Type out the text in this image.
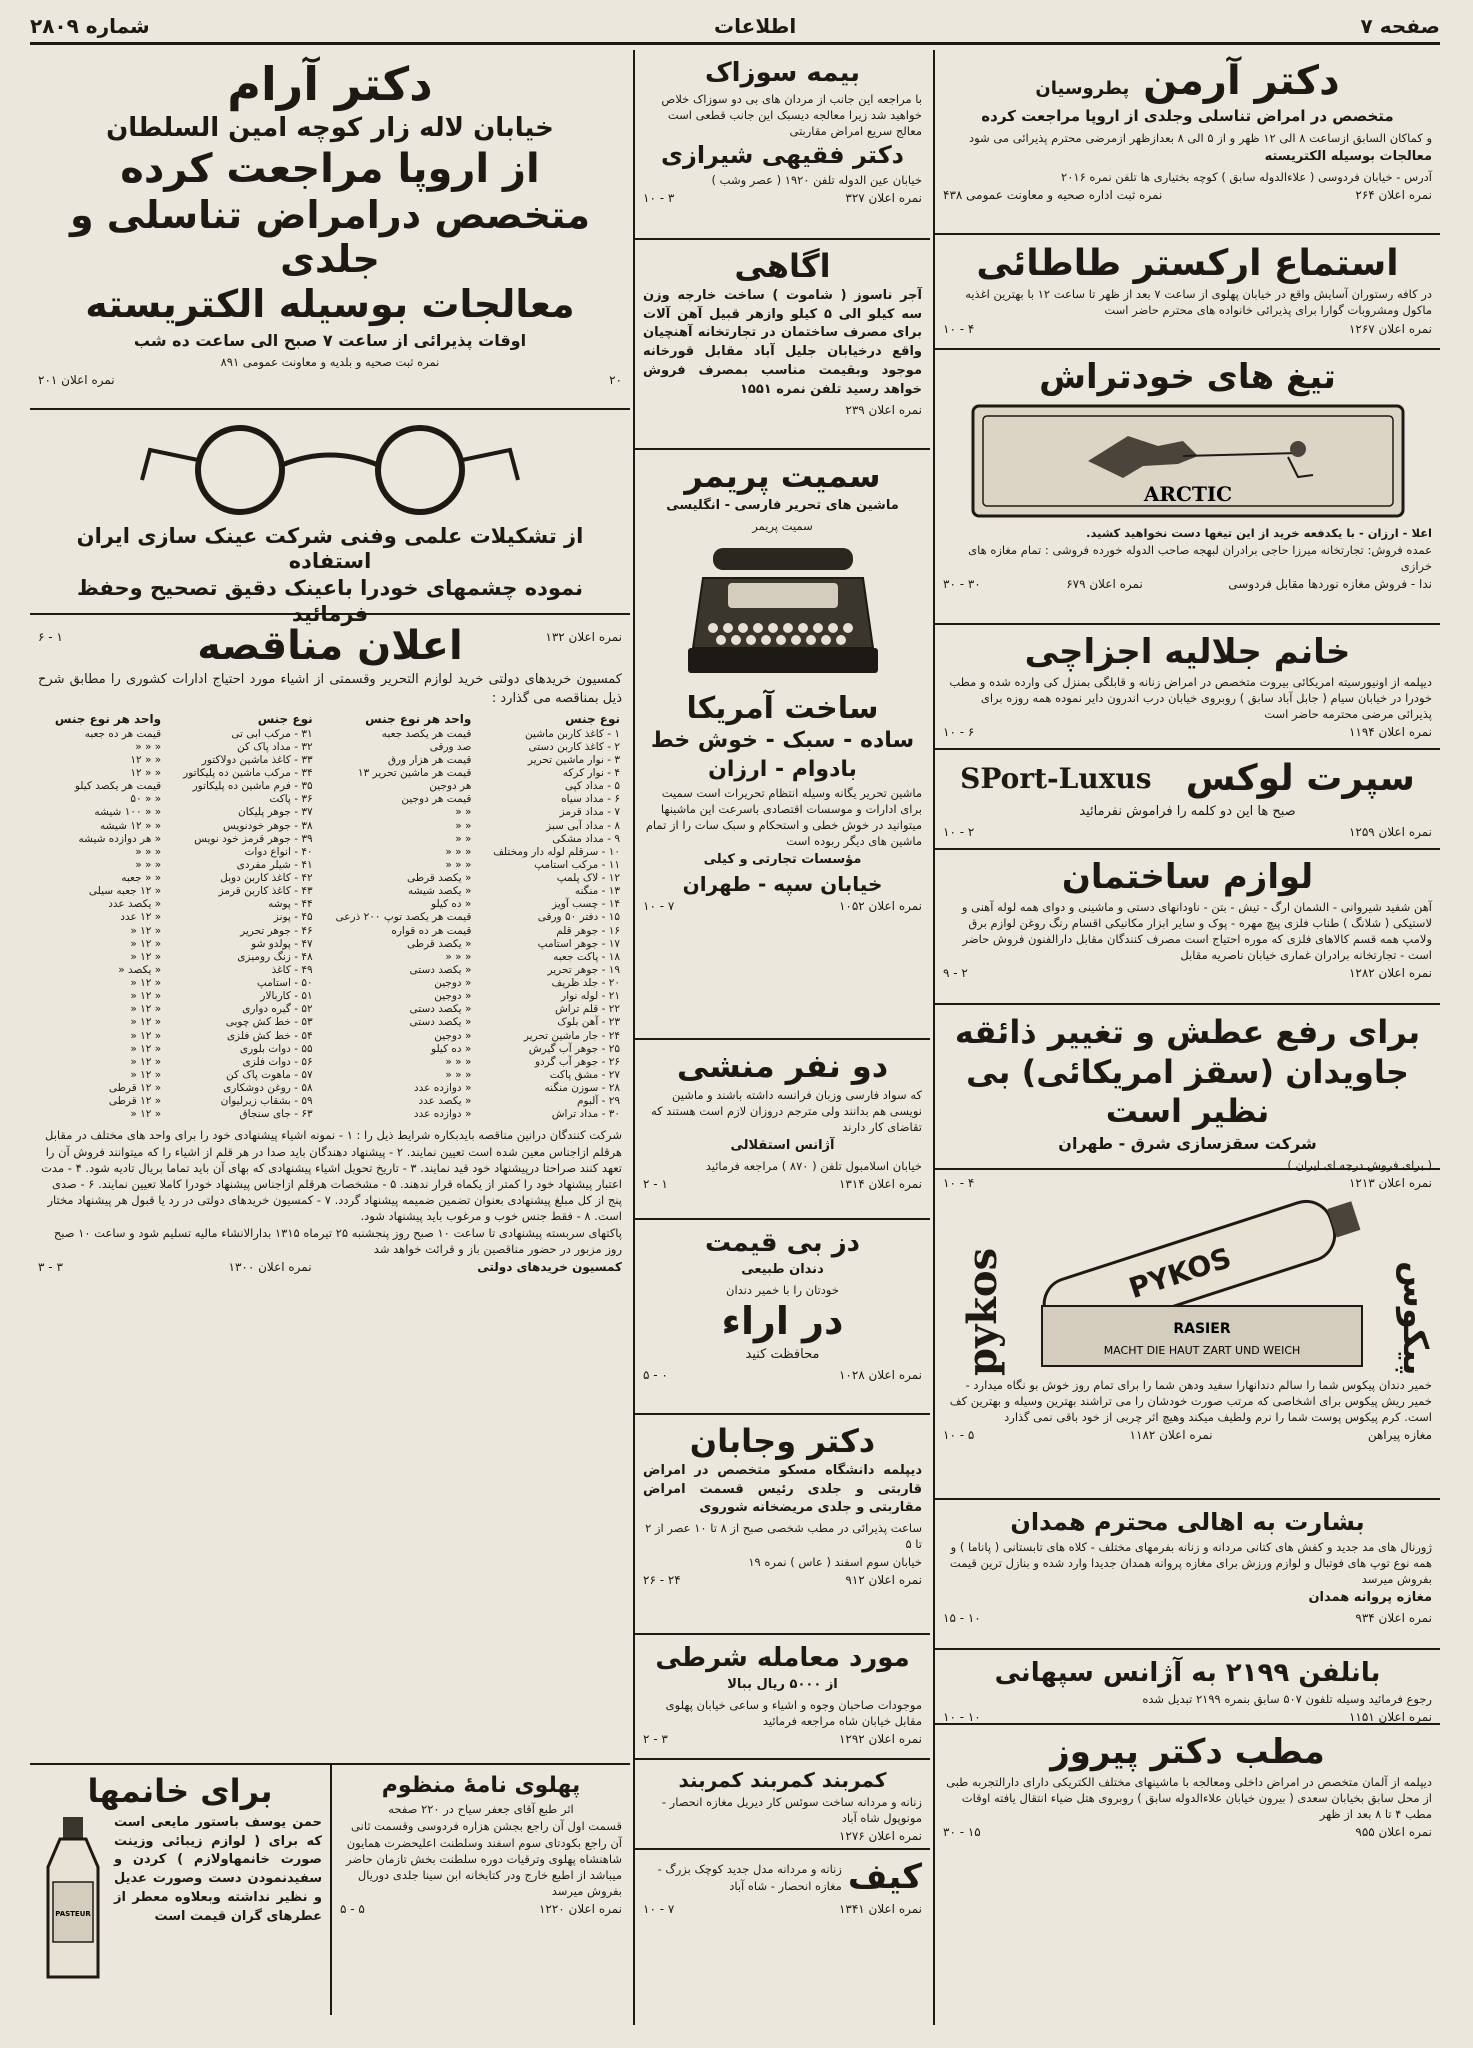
صفحه ۷
اطلاعات
شماره ۲۸۰۹
دکتر آرمن پطروسیان
متخصص در امراض تناسلی وجلدی از اروپا مراجعت کرده
و کماکان السابق ازساعت ۸ الی ۱۲ ظهر و از ۵ الی ۸ بعدازظهر ازمرضی محترم پذیرائی می شود
معالجات بوسیله الکتریسته
آدرس - خیابان فردوسی ( علاءالدوله سابق ) کوچه بختیاری ها تلفن نمره ۲۰۱۶
نمره اعلان ۲۶۴
نمره ثبت اداره صحیه و معاونت عمومی ۴۳۸
استماع ارکستر طاطائی
در کافه رستوران آسایش واقع در خیابان پهلوی از ساعت ۷ بعد از ظهر تا ساعت ۱۲ با بهترین اغذیه ماکول ومشروبات گوارا برای پذیرائی خانواده های محترم حاضر است
نمره اعلان ۱۲۶۷
۴ - ۱۰
تیغ های خودتراش
ARCTIC
اعلا - ارزان - با یکدفعه خرید از این تیغها دست نخواهید کشید.
عمده فروش: تجارتخانه میرزا حاجی برادران لبهجه صاحب الدوله خورده فروشی : تمام مغازه های خرازی
ندا - فروش مغازه نوردها مقابل فردوسی
نمره اعلان ۶۷۹
۳۰ - ۳۰
خانم جلالیه اجزاچی
دیپلمه از اونیورسیته امریکائی بیروت متخصص در امراض زنانه و قابلگی بمنزل کی وارده شده و مطب خودرا در خیابان سیام ( جابل آباد سابق ) روبروی خیابان درب اندرون دایر نموده همه روزه برای پذیرائی مرضی محترمه حاضر است
نمره اعلان ۱۱۹۴
۶ - ۱۰
سپرت لوکس
SPort-Luxus
صبح ها این دو کلمه را فراموش نفرمائید
نمره اعلان ۱۲۵۹
۲ - ۱۰
لوازم ساختمان
آهن شفید شیروانی - الشمان ارگ - تیش - بتن - ناودانهای دستی و ماشینی و دوای همه لوله آهنی و لاستیکی ( شلانگ ) طناب فلزی پیچ مهره - پوک و سایر ابزار مکانیکی اقسام رنگ روغن لوازم برق ولامپ همه قسم کالاهای فلزی که موره احتیاج است مصرف کنندگان مقابل دارالفنون فروش حاضر است - تجارتخانه برادران غماری خیابان ناصریه مقابل
نمره اعلان ۱۲۸۲
۲ - ۹
برای رفع عطش و تغییر ذائقه
جاویدان (سقز امریکائی) بی نظیر است
شرکت سقزسازی شرق - طهران
( برای فروش درجه ای ایران )
نمره اعلان ۱۲۱۳
۴ - ۱۰
پیکوس
PYKOS
RASIER
MACHT DIE HAUT ZART UND WEICH
pykos
خمیر دندان پیکوس شما را سالم دندانهارا سفید ودهن شما را برای تمام روز خوش بو نگاه میدارد - خمیر ریش پیکوس برای اشخاصی که مرتب صورت خودشان را می تراشند بهترین وسیله و بهترین کف است. کرم پیکوس پوست شما را نرم ولطیف میکند وهیچ اثر چربی از خود باقی نمی گذارد
مغازه پیراهن
نمره اعلان ۱۱۸۲
۵ - ۱۰
بشارت به اهالی محترم همدان
ژورنال های مد جدید و کفش های کتانی مردانه و زنانه بفرمهای مختلف - کلاه های تابستانی ( پاناما ) و همه نوع توپ های فوتبال و لوازم ورزش برای مغازه پروانه همدان جدیدا وارد شده و بنازل ترین قیمت بفروش میرسد
مغازه پروانه همدان
نمره اعلان ۹۳۴
۱۰ - ۱۵
بانلفن ۲۱۹۹ به آژانس سپهانی
رجوع فرمائید وسیله تلفون ۵۰۷ سابق بنمره ۲۱۹۹ تبدیل شده
نمره اعلان ۱۱۵۱
۱۰ - ۱۰
مطب دکتر پیروز
دیپلمه از آلمان متخصص در امراض داخلی ومعالجه با ماشینهای مختلف الکتریکی دارای دارالتجربه طبی از محل سابق بخیابان سعدی ( بیرون خیابان علاءالدوله سابق ) روبروی هتل ضیاء انتقال یافته اوقات مطب ۴ تا ۸ بعد از ظهر
نمره اعلان ۹۵۵
۱۵ - ۳۰
بیمه سوزاک
با مراجعه این جانب از مردان های بی دو سوزاک خلاص خواهید شد زیرا معالجه دیسبک این جانب قطعی است معالج سریع امراض مقاربتی
دکتر فقیهی شیرازی
خیابان عین الدوله تلفن ۱۹۲۰ ( عصر وشب )
نمره اعلان ۳۲۷
۳ - ۱۰
اگاهی
آجر ناسوز ( شاموت ) ساخت خارجه وزن سه کیلو الی ۵ کیلو وازهر قبیل آهن آلات برای مصرف ساختمان در تجارتخانه آهنچیان واقع درخیابان جلیل آباد مقابل قورخانه موجود وبقیمت مناسب بمصرف فروش خواهد رسید تلفن نمره ۱۵۵۱
نمره اعلان ۲۳۹
سمیت پریمر
ماشین های تحریر فارسی - انگلیسی
سمیت پریمر
ساخت آمریکا
ساده - سبک - خوش خط
بادوام - ارزان
ماشین تحریر یگانه وسیله انتظام تحریرات است سمیت برای ادارات و موسسات اقتصادی باسرعت این ماشینها میتوانید در خوش خطی و استحکام و سبک سات را از تمام ماشین های دیگر ربوده است
مؤسسات تجارتی و کیلی
خیابان سپه - طهران
نمره اعلان ۱۰۵۲
۷ - ۱۰
دو نفر منشی
که سواد فارسی وزبان فرانسه داشته باشند و ماشین نویسی هم بدانند ولی مترجم دروزان لازم است هستند که تقاضای کار دارند
آژانس استقلالی
خیابان اسلامبول تلفن ( ۸۷۰ ) مراجعه فرمائید
نمره اعلان ۱۳۱۴
۱ - ۲
دز بی قیمت
دندان طبیعی
خودتان را با خمیر دندان
در اراء
محافظت کنید
نمره اعلان ۱۰۲۸
۰ - ۵
دکتر وجابان
دیپلمه دانشگاه مسکو متخصص در امراض قاربتی و جلدی رئیس قسمت امراض مقاربتی و جلدی مریضخانه شوروی
ساعت پذیرائی در مطب شخصی صبح از ۸ تا ۱۰ عصر از ۲ تا ۵
خیابان سوم اسفند ( عاس ) نمره ۱۹
نمره اعلان ۹۱۲
۲۴ - ۲۶
مورد معامله شرطی
از ۵۰۰۰ ریال ببالا
موجودات صاحبان وجوه و اشیاء و ساعی خیابان پهلوی مقابل خیابان شاه مراجعه فرمائید
نمره اعلان ۱۲۹۲
۳ - ۲
کمربند کمربند کمربند
زنانه و مردانه ساخت سوئس کار دیریل مغازه انحصار - مونوپول شاه آباد
نمره اعلان ۱۲۷۶
کیف
زنانه و مردانه مدل جدید کوچک بزرگ - مغازه انحصار - شاه آباد
نمره اعلان ۱۳۴۱
۷ - ۱۰
دکتر آرام
خیابان لاله زار کوچه امین السلطان
از اروپا مراجعت کرده
متخصص درامراض تناسلی و جلدی
معالجات بوسیله الکتریسته
اوقات پذیرائی از ساعت ۷ صبح الی ساعت ده شب
نمره ثبت صحیه و بلدیه و معاونت عمومی ۸۹۱
۲۰
نمره اعلان ۲۰۱
از تشکیلات علمی وفنی شرکت عینک سازی ایران استفاده
نموده چشمهای خودرا باعینک دقیق تصحیح وحفظ فرمائید
نمره اعلان ۱۳۲
۱ - ۶	اعلان مناقصه
کمسیون خریدهای دولتی خرید لوازم التحریر وقسمتی از اشیاء مورد احتیاج ادارات کشوری را مطابق شرح ذیل بمناقصه می گذارد :
نوع جنس	واحد هر نوع جنس	نوع جنس	واحد هر نوع جنس
۱ - کاغذ کاربن ماشین	قیمت هر یکصد جعبه	۳۱ - مرکب ابی تی	قیمت هر ده جعبه
۲ - کاغذ کاربن دستی	صد ورقی	۳۲ - مداد پاک کن	« « «
۳ - نوار ماشین تحریر	قیمت هر هزار ورق	۳۳ - کاغذ ماشین دولاکتور	« « ۱۲
۴ - نوار کرکه	قیمت هر ماشین تحریر ۱۳	۳۴ - مرکب ماشین ده پلیکاتور	« « ۱۲
۵ - مداد کپی	هر دوجین	۳۵ - فرم ماشین ده پلیکاتور	قیمت هر یکصد کیلو
۶ - مداد سیاه	قیمت هر دوجین	۳۶ - پاکت	« « ۵۰
۷ - مداد قرمز	« «	۳۷ - جوهر پلیکان	« « ۱۰۰ شیشه
۸ - مداد آبی سبز	« «	۳۸ - جوهر خودنویس	« « ۱۲ شیشه
۹ - مداد مشکی	« «	۳۹ - جوهر قرمز خود نویس	« هر دوازده شیشه
۱۰ - سرقلم لوله دار ومختلف	« « «	۴۰ - انواع دوات	« « «
۱۱ - مرکب استامپ	« « «	۴۱ - شیلر مفردی	« « «
۱۲ - لاک پلمپ	« یکصد قرطی	۴۲ - کاغذ کاربن دوبل	« « جعبه
۱۳ - منگنه	« یکصد شیشه	۴۳ - کاغذ کاربن قرمز	« ۱۲ جعبه سیلی
۱۴ - چسب آویز	« ده کیلو	۴۴ - پوشه	« یکصد عدد
۱۵ - دفتر ۵۰ ورقی	قیمت هر یکصد توپ ۲۰۰ ذرعی	۴۵ - پونز	« ۱۲ عدد
۱۶ - جوهر قلم	قیمت هر ده قواره	۴۶ - جوهر تحریر	« ۱۲ «
۱۷ - جوهر استامپ	« یکصد قرطی	۴۷ - پولدو شو	« ۱۲ «
۱۸ - پاکت جعبه	« « «	۴۸ - زنگ رومیزی	« ۱۲ «
۱۹ - جوهر تحریر	« یکصد دستی	۴۹ - کاغذ	« یکصد «
۲۰ - جلد ظریف	« دوجین	۵۰ - استامپ	« ۱۲ «
۲۱ - لوله نوار	« دوجین	۵۱ - کاربالار	« ۱۲ «
۲۲ - قلم تراش	« یکصد دستی	۵۲ - گیره دواری	« ۱۲ «
۲۳ - آهن بلوک	« یکصد دستی	۵۳ - خط کش چوبی	« ۱۲ «
۲۴ - جار ماشین تحریر	« دوجین	۵۴ - خط کش فلزی	« ۱۲ «
۲۵ - جوهر آب گیرش	« ده کیلو	۵۵ - دوات بلوری	« ۱۲ «
۲۶ - جوهر آب گردو	« « «	۵۶ - دوات فلزی	« ۱۲ «
۲۷ - مشق پاکت	« « «	۵۷ - ماهوت پاک کن	« ۱۲ «
۲۸ - سوزن منگنه	« دوازده عدد	۵۸ - روغن دوشکاری	« ۱۲ قرطی
۲۹ - آلبوم	« یکصد عدد	۵۹ - بشقاب زیرلیوان	« ۱۲ قرطی
۳۰ - مداد تراش	« دوازده عدد	۶۳ - جای سنجاق	« ۱۲ «
شرکت کنندگان درانین مناقصه بایدبکاره شرایط ذیل را : ۱ - نمونه اشیاء پیشنهادی خود را برای واحد های مختلف در مقابل هرقلم ازاجناس معین شده است تعیین نمایند. ۲ - پیشنهاد دهندگان باید صدا در هر قلم از اشیاء را که میتوانند فروش آن را تعهد کنند صراحتا درپیشنهاد خود قید نمایند. ۳ - تاریخ تحویل اشیاء پیشنهادی که بهای آن باید تماما بریال تادیه شود. ۴ - مدت اعتبار پیشنهاد خود را کمتر از یکماه قرار ندهند. ۵ - مشخصات هرقلم ازاجناس پیشنهاد خودرا کاملا تعیین نمایند. ۶ - صدی پنج از کل مبلغ پیشنهادی بعنوان تضمین ضمیمه پیشنهاد گردد. ۷ - کمسیون خریدهای دولتی در رد یا قبول هر پیشنهاد مختار است. ۸ - فقط جنس خوب و مرغوب باید پیشنهاد شود.
پاکتهای سربسته پیشنهادی تا ساعت ۱۰ صبح روز پنجشنبه ۲۵ تیرماه ۱۳۱۵ بدارالانشاء مالیه تسلیم شود و ساعت ۱۰ صبح روز مزبور در حضور مناقصین باز و قرائت خواهد شد
کمسیون خریدهای دولتی
نمره اعلان ۱۳۰۰
۳ - ۳
پهلوی نامهٔ منظوم
اثر طبع آقای جعفر سیاح در ۲۲۰ صفحه
قسمت اول آن راجع بجشن هزاره فردوسی وقسمت ثانی آن راجع بکودتای سوم اسفند وسلطنت اعلیحضرت همایون شاهنشاه پهلوی وترقیات دوره سلطنت بخش تازمان حاضر میباشد از اطبع خارج ودر کتابخانه ابن سینا جلدی دوریال بفروش میرسد
نمره اعلان ۱۲۲۰
۵ - ۵
برای خانمها
حمن یوسف باستور مایعی است که برای ( لوازم زیبائی وزینت صورت خانمهاولازم ) کردن و سفیدنمودن دست وصورت عدیل و نظیر نداشته وبعلاوه معطر از عطرهای گران قیمت است
PASTEUR
